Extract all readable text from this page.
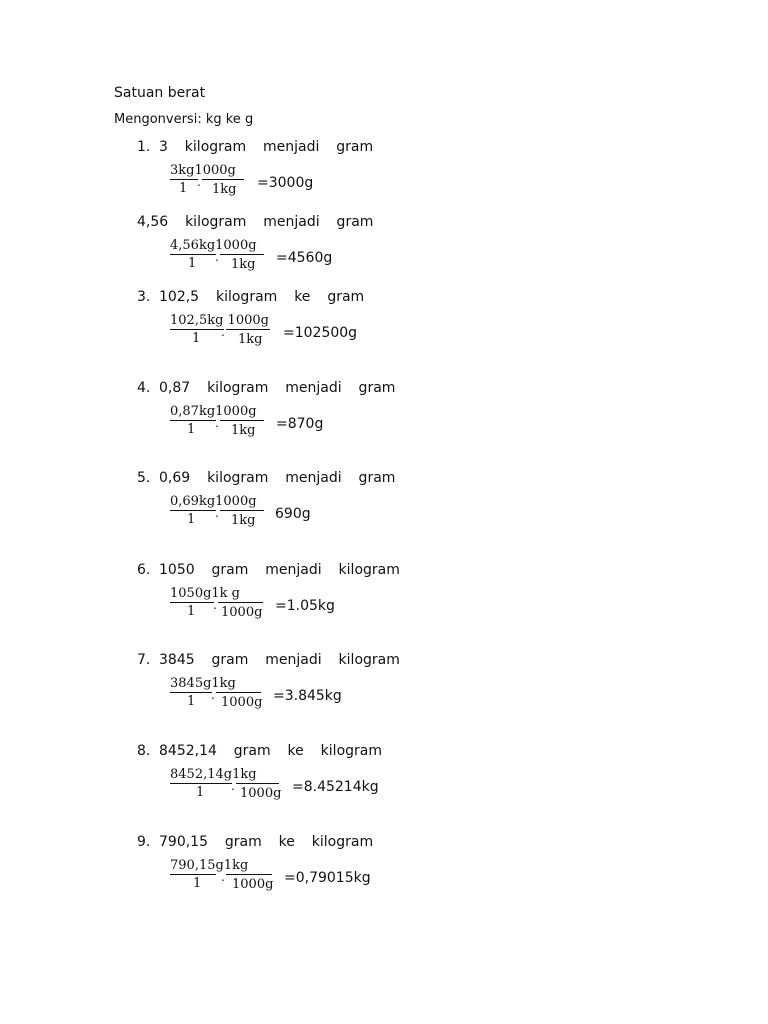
Satuan berat
Mengonversi: kg ke g
1. 3  kilogram  menjadi  gram
3kg1000g
1 . 1kg =3000g
4,56  kilogram  menjadi  gram
4,56kg1000g
1 . 1kg =4560g
3. 102,5  kilogram  ke  gram
102,5kg 1000g
1 . 1kg =102500g
4. 0,87  kilogram  menjadi  gram
0,87kg1000g
1 . 1kg =870g
5. 0,69  kilogram  menjadi  gram
0,69kg1000g
1 . 1kg 690g
6. 1050  gram  menjadi  kilogram
1050g1k g
1 . 1000g =1.05kg
7. 3845  gram  menjadi  kilogram
3845g1kg
1 . 1000g =3.845kg
8. 8452,14  gram  ke  kilogram
8452,14g1kg
1 . 1000g =8.45214kg
9. 790,15  gram  ke  kilogram
790,15g1kg
1 . 1000g =0,79015kg
